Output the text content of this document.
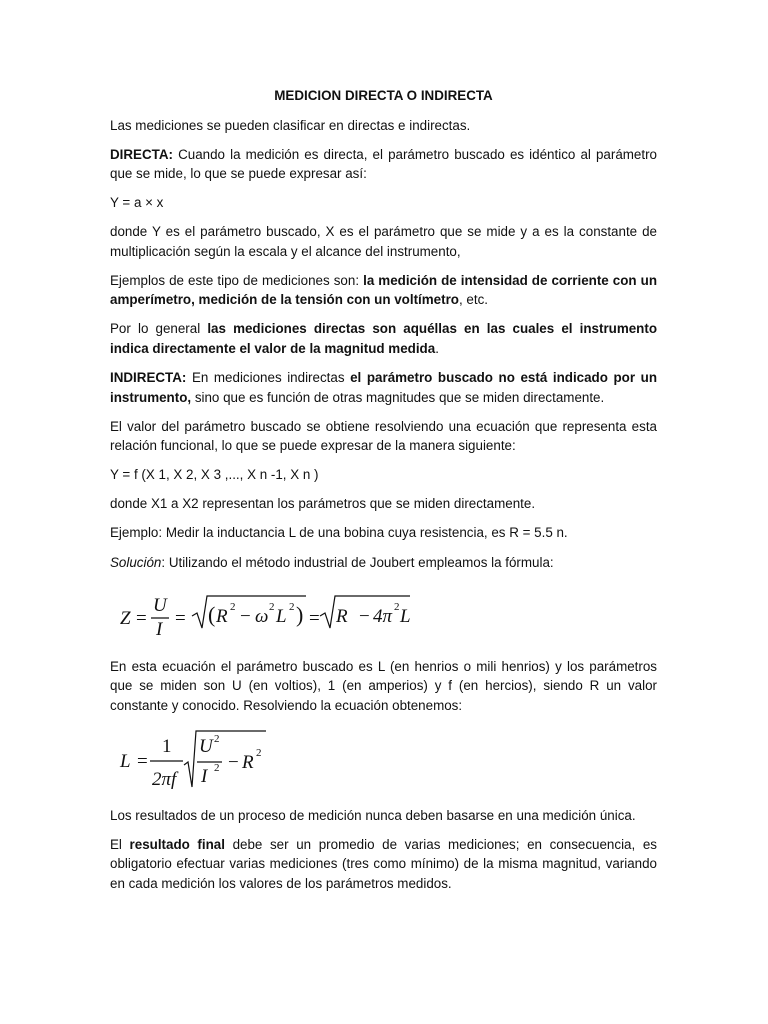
MEDICION DIRECTA O INDIRECTA

Las mediciones se pueden clasificar en directas e indirectas.

DIRECTA: Cuando la medición es directa, el parámetro buscado es idéntico al parámetro que se mide, lo que se puede expresar así:

Y = a × x

donde Y es el parámetro buscado, X es el parámetro que se mide y a es la constante de multiplicación según la escala y el alcance del instrumento,

Ejemplos de este tipo de mediciones son: la medición de intensidad de corriente con un amperímetro, medición de la tensión con un voltímetro, etc.

Por lo general las mediciones directas son aquéllas en las cuales el instrumento indica directamente el valor de la magnitud medida.

INDIRECTA: En mediciones indirectas el parámetro buscado no está indicado por un instrumento, sino que es función de otras magnitudes que se miden directamente.

El valor del parámetro buscado se obtiene resolviendo una ecuación que representa esta relación funcional, lo que se puede expresar de la manera siguiente:

Y = f (X 1, X 2, X 3 ,..., X n -1, X n )

donde X1 a X2 representan los parámetros que se miden directamente.

Ejemplo: Medir la inductancia L de una bobina cuya resistencia, es R = 5.5 n.

Solución: Utilizando el método industrial de Joubert empleamos la fórmula:

Z =
U
I
= ( R 2 − ω 2 L 2 ) = R − 4π 2 L

En esta ecuación el parámetro buscado es L (en henrios o mili henrios) y los parámetros que se miden son U (en voltios), 1 (en amperios) y f (en hercios), siendo R un valor constante y conocido. Resolviendo la ecuación obtenemos:

L =
1
2πf
U 2
I 2 − R 2

Los resultados de un proceso de medición nunca deben basarse en una medición única.

El resultado final debe ser un promedio de varias mediciones; en consecuencia, es obligatorio efectuar varias mediciones (tres como mínimo) de la misma magnitud, variando en cada medición los valores de los parámetros medidos.
